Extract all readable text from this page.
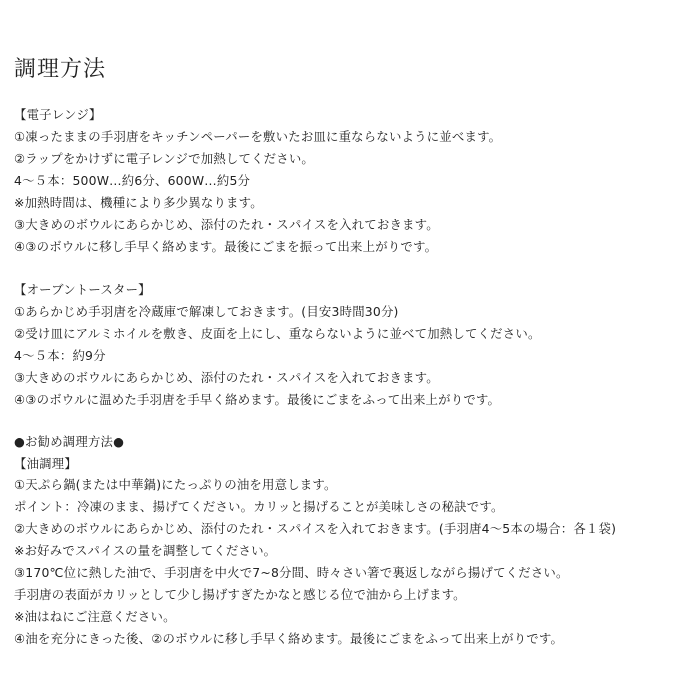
調理方法
【電子レンジ】
①凍ったままの手羽唐をキッチンペーパーを敷いたお皿に重ならないように並べます。
②ラップをかけずに電子レンジで加熱してください。
4～５本：500W…約6分、600W…約5分
※加熱時間は、機種により多少異なります。
③大きめのボウルにあらかじめ、添付のたれ・スパイスを入れておきます。
④③のボウルに移し手早く絡めます。最後にごまを振って出来上がりです。
【オーブントースター】
①あらかじめ手羽唐を冷蔵庫で解凍しておきます。(目安3時間30分)
②受け皿にアルミホイルを敷き、皮面を上にし、重ならないように並べて加熱してください。
4～５本：約9分
③大きめのボウルにあらかじめ、添付のたれ・スパイスを入れておきます。
④③のボウルに温めた手羽唐を手早く絡めます。最後にごまをふって出来上がりです。
●お勧め調理方法●
【油調理】
①天ぷら鍋(または中華鍋)にたっぷりの油を用意します。
ポイント：冷凍のまま、揚げてください。カリッと揚げることが美味しさの秘訣です。
②大きめのボウルにあらかじめ、添付のたれ・スパイスを入れておきます。(手羽唐4～5本の場合：各１袋)
※お好みでスパイスの量を調整してください。
③170℃位に熱した油で、手羽唐を中火で7~8分間、時々さい箸で裏返しながら揚げてください。
手羽唐の表面がカリッとして少し揚げすぎたかなと感じる位で油から上げます。
※油はねにご注意ください。
④油を充分にきった後、②のボウルに移し手早く絡めます。最後にごまをふって出来上がりです。
